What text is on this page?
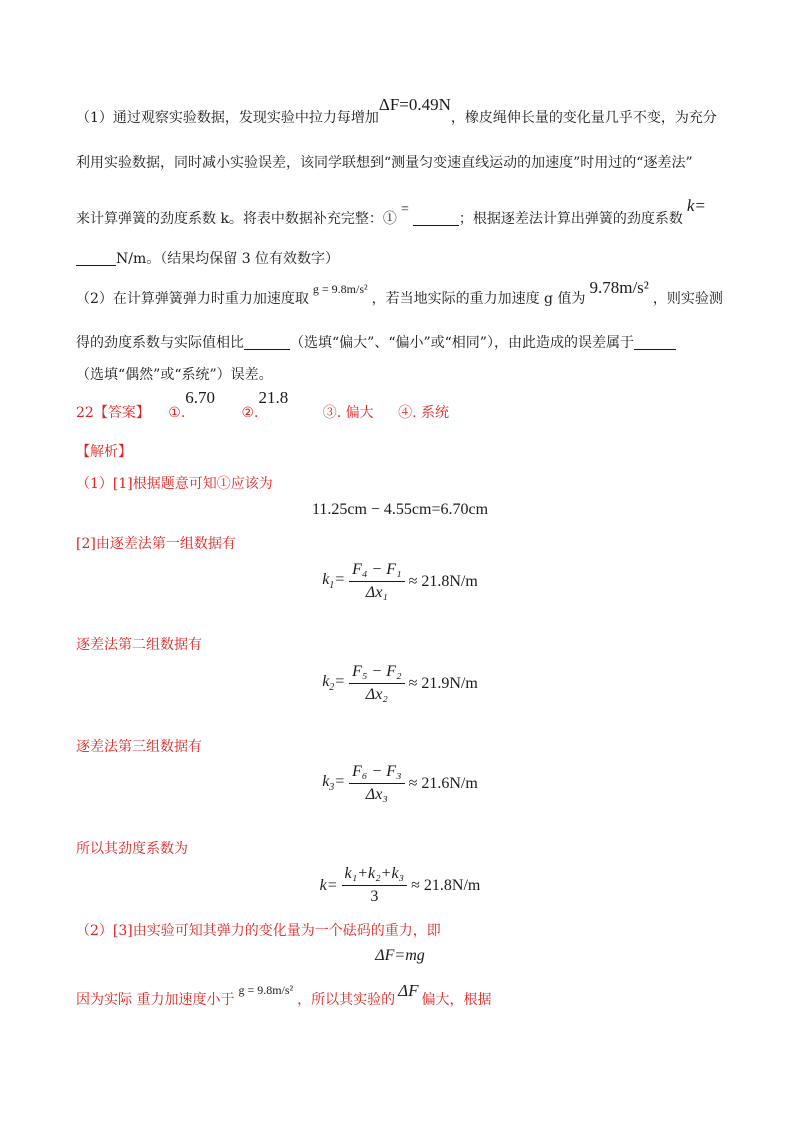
（1）通过观察实验数据，发现实验中拉力每增加ΔF=0.49N，橡皮绳伸长量的变化量几乎不变，为充分
利用实验数据，同时减小实验误差，该同学联想到“测量匀变速直线运动的加速度”时用过的“逐差法”
来计算弹簧的劲度系数 k。将表中数据补充完整：①=；根据逐差法计算出弹簧的劲度系数k=
N/m。（结果均保留 3 位有效数字）
（2）在计算弹簧弹力时重力加速度取g = 9.8m/s²，若当地实际的重力加速度 g 值为9.78m/s²，则实验测
得的劲度系数与实际值相比	（选填“偏大”、“偏小”或“相同”），由此造成的误差属于
（选填“偶然”或“系统”）误差。
22【答案】 ①.6.70 ②.21.8 ③. 偏大 ④. 系统
【解析】
（1）[1]根据题意可知①应该为
11.25cm − 4.55cm=6.70cm
[2]由逐差法第一组数据有
$k_1= \frac{\text{F₄ − F₁}}{\text{Δx₁}} \approx 21.8N/m$
逐差法第二组数据有
$k_2= \frac{\text{F₅ − F₂}}{\text{Δx₂}} \approx 21.9N/m$
逐差法第三组数据有
$k_3= \frac{\text{F₆ − F₃}}{\text{Δx₃}} \approx 21.6N/m$
所以其劲度系数为
$k= \frac{\text{k₁+k₂+k₃}}{3} \approx 21.8N/m$
（2）[3]由实验可知其弹力的变化量为一个砝码的重力，即
ΔF=mg
因为实际 重力加速度小于g = 9.8m/s²，所以其实验的 ΔF 偏大，根据
